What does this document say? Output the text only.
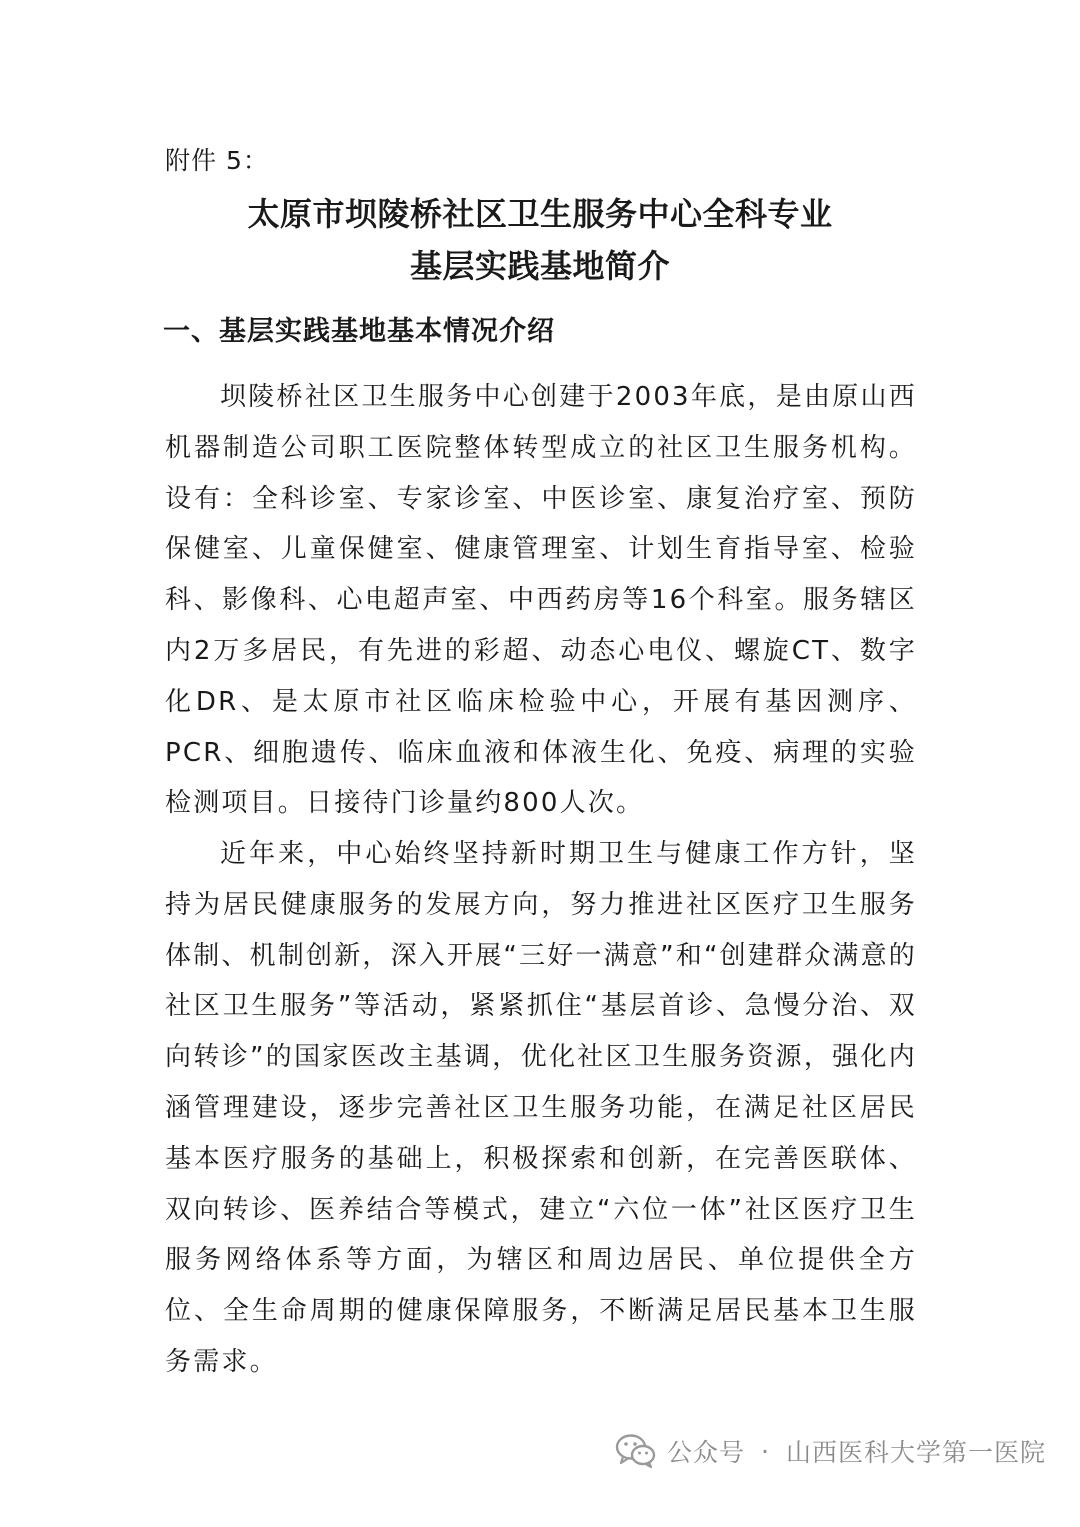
附件 5：
太原市坝陵桥社区卫生服务中心全科专业
基层实践基地简介
一、基层实践基地基本情况介绍

坝陵桥社区卫生服务中心创建于2003年底，是由原山西机器制造公司职工医院整体转型成立的社区卫生服务机构。设有：全科诊室、专家诊室、中医诊室、康复治疗室、预防保健室、儿童保健室、健康管理室、计划生育指导室、检验科、影像科、心电超声室、中西药房等16个科室。服务辖区内2万多居民，有先进的彩超、动态心电仪、螺旋CT、数字化DR、是太原市社区临床检验中心，开展有基因测序、PCR、细胞遗传、临床血液和体液生化、免疫、病理的实验检测项目。日接待门诊量约800人次。

近年来，中心始终坚持新时期卫生与健康工作方针，坚持为居民健康服务的发展方向，努力推进社区医疗卫生服务体制、机制创新，深入开展“三好一满意”和“创建群众满意的社区卫生服务”等活动，紧紧抓住“基层首诊、急慢分治、双向转诊”的国家医改主基调，优化社区卫生服务资源，强化内涵管理建设，逐步完善社区卫生服务功能，在满足社区居民基本医疗服务的基础上，积极探索和创新，在完善医联体、双向转诊、医养结合等模式，建立“六位一体”社区医疗卫生服务网络体系等方面，为辖区和周边居民、单位提供全方位、全生命周期的健康保障服务，不断满足居民基本卫生服务需求。

公众号 · 山西医科大学第一医院
